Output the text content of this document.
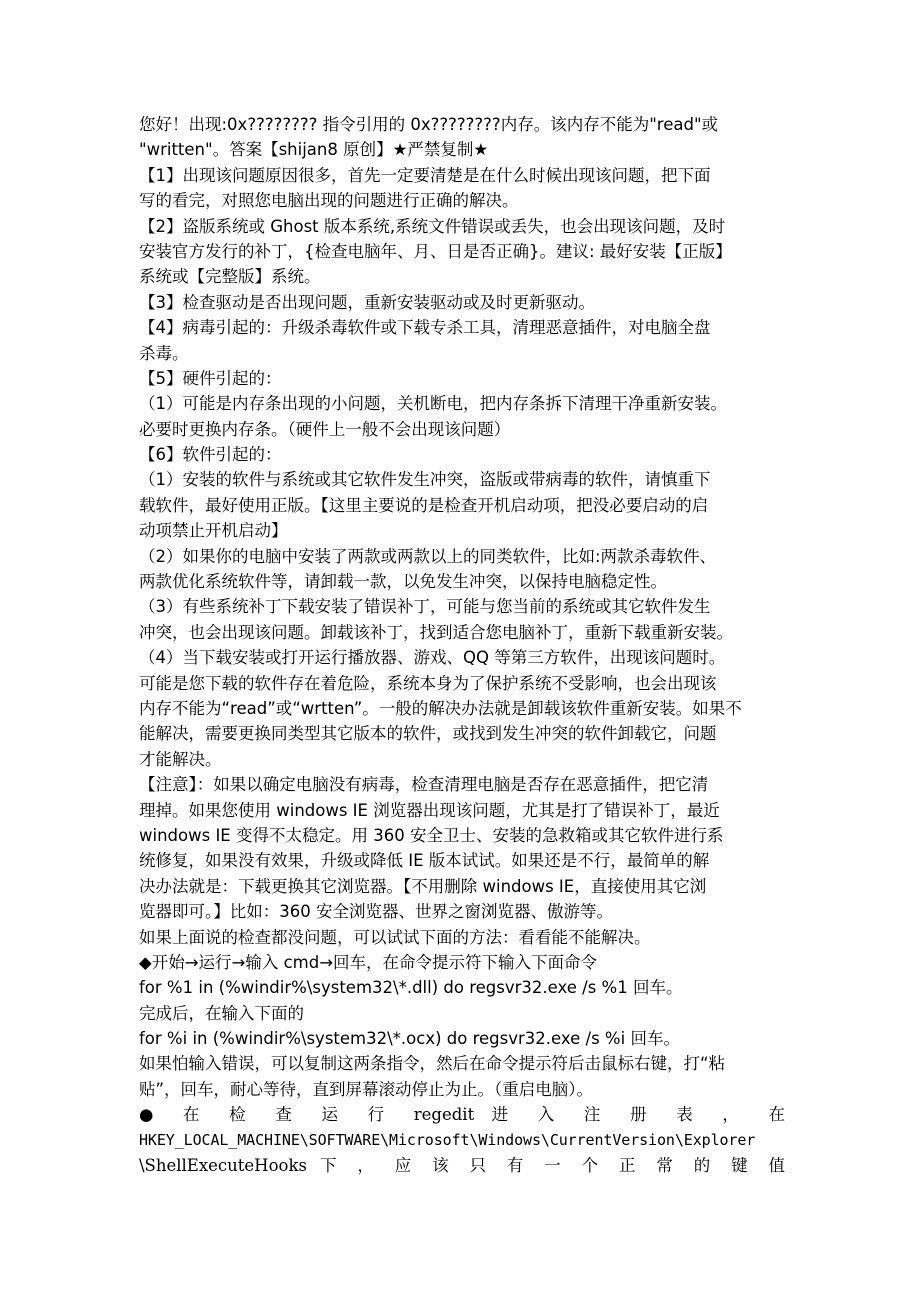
您好！出现:0x???????? 指令引用的 0x????????内存。该内存不能为"read"或
"written"。答案【shijan8 原创】★严禁复制★
【1】出现该问题原因很多，首先一定要清楚是在什么时候出现该问题，把下面
写的看完，对照您电脑出现的问题进行正确的解决。
【2】盗版系统或 Ghost 版本系统,系统文件错误或丢失，也会出现该问题，及时
安装官方发行的补丁，{检查电脑年、月、日是否正确}。建议: 最好安装【正版】
系统或【完整版】系统。
【3】检查驱动是否出现问题，重新安装驱动或及时更新驱动。
【4】病毒引起的：升级杀毒软件或下载专杀工具，清理恶意插件，对电脑全盘
杀毒。
【5】硬件引起的：
（1）可能是内存条出现的小问题，关机断电，把内存条拆下清理干净重新安装。
必要时更换内存条。（硬件上一般不会出现该问题）
【6】软件引起的：
（1）安装的软件与系统或其它软件发生冲突，盗版或带病毒的软件，请慎重下
载软件，最好使用正版。【这里主要说的是检查开机启动项，把没必要启动的启
动项禁止开机启动】
（2）如果你的电脑中安装了两款或两款以上的同类软件，比如:两款杀毒软件、
两款优化系统软件等，请卸载一款，以免发生冲突，以保持电脑稳定性。
（3）有些系统补丁下载安装了错误补丁，可能与您当前的系统或其它软件发生
冲突，也会出现该问题。卸载该补丁，找到适合您电脑补丁，重新下载重新安装。
（4）当下载安装或打开运行播放器、游戏、QQ 等第三方软件，出现该问题时。
可能是您下载的软件存在着危险，系统本身为了保护系统不受影响，也会出现该
内存不能为“read”或“wrtten”。一般的解决办法就是卸载该软件重新安装。如果不
能解决，需要更换同类型其它版本的软件，或找到发生冲突的软件卸载它，问题
才能解决。
【注意】：如果以确定电脑没有病毒，检查清理电脑是否存在恶意插件，把它清
理掉。如果您使用 windows IE 浏览器出现该问题，尤其是打了错误补丁，最近
windows IE 变得不太稳定。用 360 安全卫士、安装的急救箱或其它软件进行系
统修复，如果没有效果，升级或降低 IE 版本试试。如果还是不行，最简单的解
决办法就是：下载更换其它浏览器。【不用删除 windows IE，直接使用其它浏
览器即可。】比如：360 安全浏览器、世界之窗浏览器、傲游等。
如果上面说的检查都没问题，可以试试下面的方法：看看能不能解决。
◆开始→运行→输入 cmd→回车，在命令提示符下输入下面命令
for %1 in (%windir%\system32\*.dll) do regsvr32.exe /s %1 回车。
完成后，在输入下面的
for %i in (%windir%\system32\*.ocx) do regsvr32.exe /s %i 回车。
如果怕输入错误，可以复制这两条指令，然后在命令提示符后击鼠标右键，打“粘
贴”，回车，耐心等待，直到屏幕滚动停止为止。（重启电脑）。
● 在 检 查 运 行 regedit 进 入 注 册 表 ， 在
HKEY_LOCAL_MACHINE\SOFTWARE\Microsoft\Windows\CurrentVersion\Explorer
\ShellExecuteHooks 下 ， 应 该 只 有 一 个 正 常 的 键 值
